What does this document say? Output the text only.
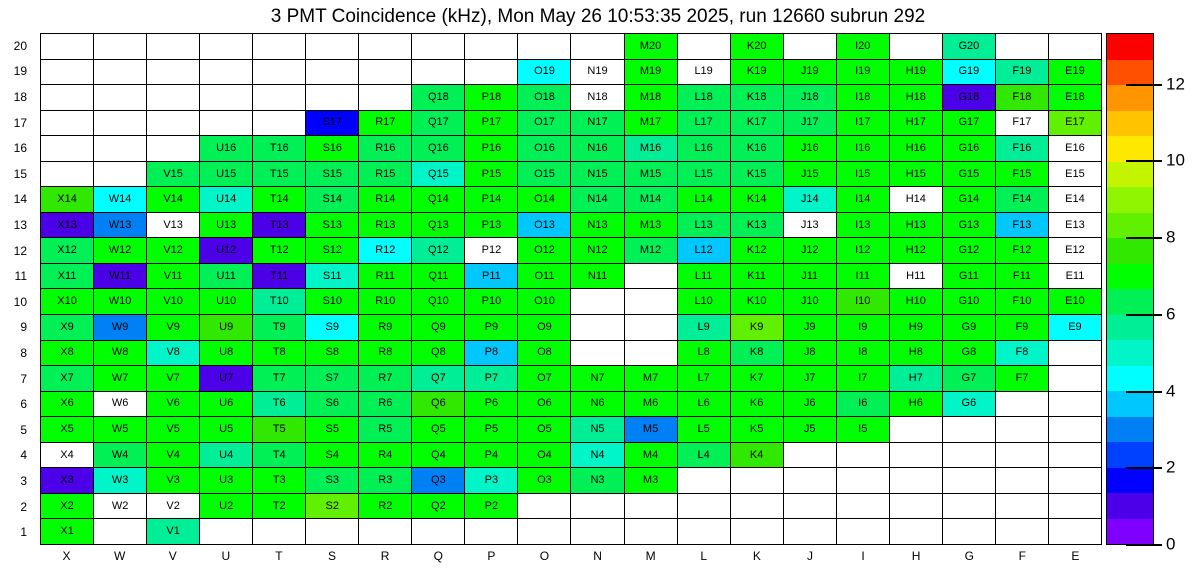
3 PMT Coincidence (kHz), Mon May 26 10:53:35 2025, run 12660 subrun 292
20
19
18
17
16
15
14
13
12
11
10
9
8
7
6
5
4
3
2
1
M20	K20	I20	G20
O19	N19	M19	L19	K19	J19	I19	H19	G19	F19	E19
Q18	P18	O18	N18	M18	L18	K18	J18	I18	H18	G18	F18	E18
S17	R17	Q17	P17	O17	N17	M17	L17	K17	J17	I17	H17	G17	F17	E17
U16	T16	S16	R16	Q16	P16	O16	N16	M16	L16	K16	J16	I16	H16	G16	F16	E16
V15	U15	T15	S15	R15	Q15	P15	O15	N15	M15	L15	K15	J15	I15	H15	G15	F15	E15
X14	W14	V14	U14	T14	S14	R14	Q14	P14	O14	N14	M14	L14	K14	J14	I14	H14	G14	F14	E14
X13	W13	V13	U13	T13	S13	R13	Q13	P13	O13	N13	M13	L13	K13	J13	I13	H13	G13	F13	E13
X12	W12	V12	U12	T12	S12	R12	Q12	P12	O12	N12	M12	L12	K12	J12	I12	H12	G12	F12	E12
X11	W11	V11	U11	T11	S11	R11	Q11	P11	O11	N11	L11	K11	J11	I11	H11	G11	F11	E11
X10	W10	V10	U10	T10	S10	R10	Q10	P10	O10	L10	K10	J10	I10	H10	G10	F10	E10
X9	W9	V9	U9	T9	S9	R9	Q9	P9	O9	L9	K9	J9	I9	H9	G9	F9	E9
X8	W8	V8	U8	T8	S8	R8	Q8	P8	O8	L8	K8	J8	I8	H8	G8	F8
X7	W7	V7	U7	T7	S7	R7	Q7	P7	O7	N7	M7	L7	K7	J7	I7	H7	G7	F7
X6	W6	V6	U6	T6	S6	R6	Q6	P6	O6	N6	M6	L6	K6	J6	I6	H6	G6
X5	W5	V5	U5	T5	S5	R5	Q5	P5	O5	N5	M5	L5	K5	J5	I5
X4	W4	V4	U4	T4	S4	R4	Q4	P4	O4	N4	M4	L4	K4
X3	W3	V3	U3	T3	S3	R3	Q3	P3	O3	N3	M3
X2	W2	V2	U2	T2	S2	R2	Q2	P2
X1	V1
X	W	V	U	T	S	R	Q	P	O	N	M	L	K	J	I	H	G	F	E
0
2
4
6
8
10
12
